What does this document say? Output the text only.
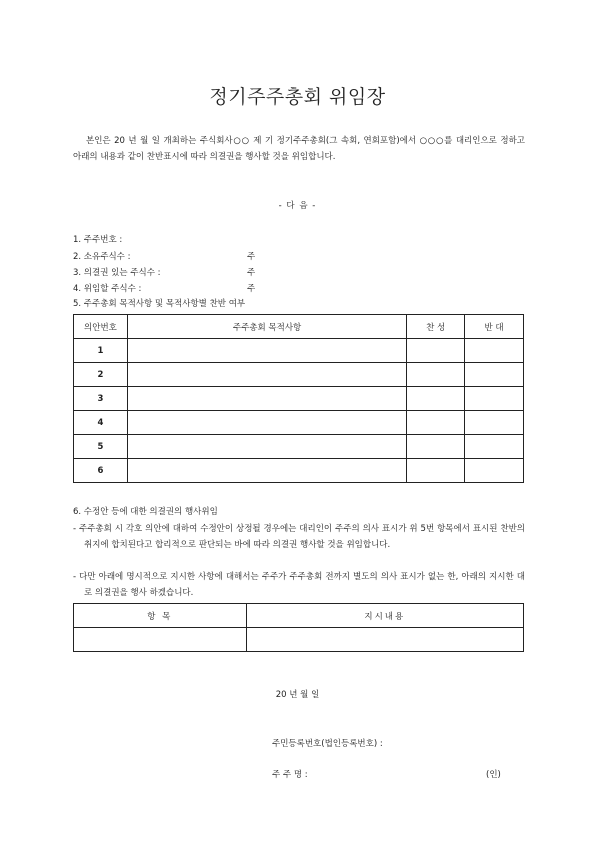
정기주주총회 위임장
본인은 20 년 월 일 개최하는 주식회사○○ 제 기 정기주주총회(그 속회, 연회포함)에서 ○○○를 대리인으로 정하고 아래의 내용과 같이 찬반표시에 따라 의결권을 행사할 것을 위임합니다.
- 다 음 -
1. 주주번호 :
2. 소유주식수 :	주
3. 의결권 있는 주식수 :	주
4. 위임할 주식수 :	주
5. 주주총회 목적사항 및 목적사항별 찬반 여부
의안번호	주주총회 목적사항	찬 성	반 대
1			
2			
3			
4			
5			
6			
6. 수정안 등에 대한 의결권의 행사위임
- 주주총회 시 각호 의안에 대하여 수정안이 상정될 경우에는 대리인이 주주의 의사 표시가 위 5번 항목에서 표시된 찬반의 취지에 합치된다고 합리적으로 판단되는 바에 따라 의결권 행사할 것을 위임합니다.
- 다만 아래에 명시적으로 지시한 사항에 대해서는 주주가 주주총회 전까지 별도의 의사 표시가 없는 한, 아래의 지시한 대로 의결권을 행사 하겠습니다.
항 목	지시내용

20 년 월 일
주민등록번호(법인등록번호) :
주 주 명 :	(인)
